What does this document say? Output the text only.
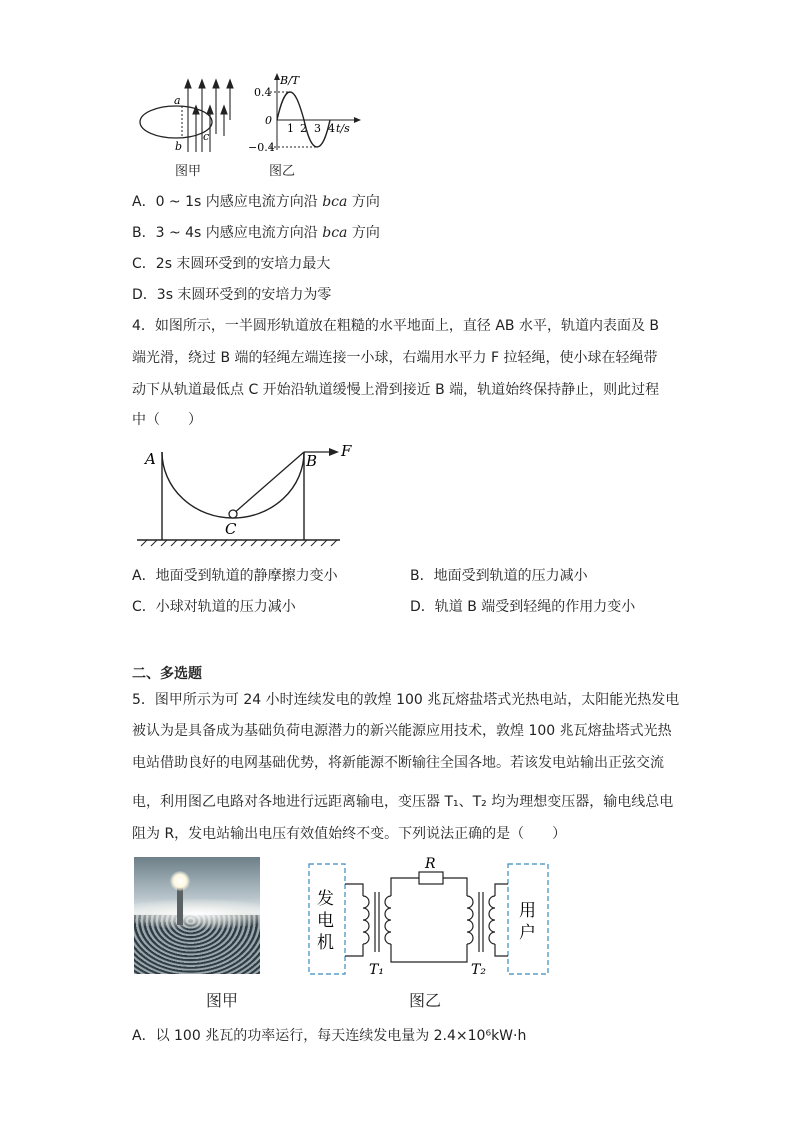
a
b
c
B/T
0.4
0
−0.4
1 2 3 4 t/s
图甲	图乙
A．0 ~ 1s 内感应电流方向沿 bca 方向
B．3 ~ 4s 内感应电流方向沿 bca 方向
C．2s 末圆环受到的安培力最大
D．3s 末圆环受到的安培力为零
4．如图所示，一半圆形轨道放在粗糙的水平地面上，直径 AB 水平，轨道内表面及 B
端光滑，绕过 B 端的轻绳左端连接一小球，右端用水平力 F 拉轻绳，使小球在轻绳带
动下从轨道最低点 C 开始沿轨道缓慢上滑到接近 B 端，轨道始终保持静止，则此过程
中（　　）
A	B
C
F
A．地面受到轨道的静摩擦力变小	B．地面受到轨道的压力减小
C．小球对轨道的压力减小	D．轨道 B 端受到轻绳的作用力变小
二、多选题
5．图甲所示为可 24 小时连续发电的敦煌 100 兆瓦熔盐塔式光热电站，太阳能光热发电
被认为是具备成为基础负荷电源潜力的新兴能源应用技术，敦煌 100 兆瓦熔盐塔式光热
电站借助良好的电网基础优势，将新能源不断输往全国各地。若该发电站输出正弦交流
电，利用图乙电路对各地进行远距离输电，变压器 T₁、T₂ 均为理想变压器，输电线总电
阻为 R，发电站输出电压有效值始终不变。下列说法正确的是（　　）
图甲
发
电
机
用
户
R
T₁	T₂
图乙
A．以 100 兆瓦的功率运行，每天连续发电量为 2.4×10⁶kW·h
